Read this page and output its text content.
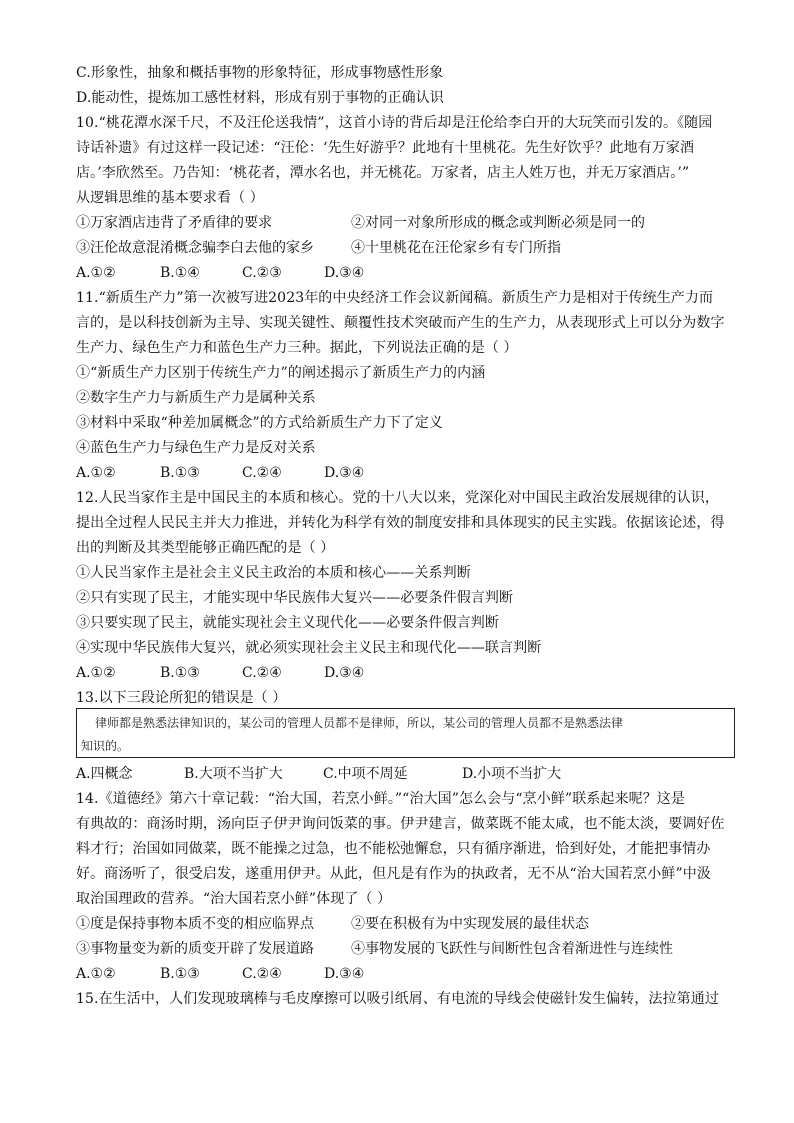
C.形象性，抽象和概括事物的形象特征，形成事物感性形象
D.能动性，提炼加工感性材料，形成有别于事物的正确认识
10.“桃花潭水深千尺，不及汪伦送我情”，这首小诗的背后却是汪伦给李白开的大玩笑而引发的。《随园
诗话补遗》有过这样一段记述：“汪伦：‘先生好游乎？此地有十里桃花。先生好饮乎？此地有万家酒
店。’李欣然至。乃告知：‘桃花者，潭水名也，并无桃花。万家者，店主人姓万也，并无万家酒店。’”
从逻辑思维的基本要求看（ ）
①万家酒店违背了矛盾律的要求	②对同一对象所形成的概念或判断必须是同一的
③汪伦故意混淆概念骗李白去他的家乡	④十里桃花在汪伦家乡有专门所指
A.①②	B.①④	C.②③	D.③④
11.“新质生产力”第一次被写进2023年的中央经济工作会议新闻稿。新质生产力是相对于传统生产力而
言的，是以科技创新为主导、实现关键性、颠覆性技术突破而产生的生产力，从表现形式上可以分为数字
生产力、绿色生产力和蓝色生产力三种。据此，下列说法正确的是（ ）
①“新质生产力区别于传统生产力”的阐述揭示了新质生产力的内涵
②数字生产力与新质生产力是属种关系
③材料中采取“种差加属概念”的方式给新质生产力下了定义
④蓝色生产力与绿色生产力是反对关系
A.①②	B.①③	C.②④	D.③④
12.人民当家作主是中国民主的本质和核心。党的十八大以来，党深化对中国民主政治发展规律的认识，
提出全过程人民民主并大力推进，并转化为科学有效的制度安排和具体现实的民主实践。依据该论述，得
出的判断及其类型能够正确匹配的是（ ）
①人民当家作主是社会主义民主政治的本质和核心——关系判断
②只有实现了民主，才能实现中华民族伟大复兴——必要条件假言判断
③只要实现了民主，就能实现社会主义现代化——必要条件假言判断
④实现中华民族伟大复兴，就必须实现社会主义民主和现代化——联言判断
A.①②	B.①③	C.②④	D.③④
13.以下三段论所犯的错误是（ ）
律师都是熟悉法律知识的，某公司的管理人员都不是律师，所以，某公司的管理人员都不是熟悉法律
知识的。
A.四概念	B.大项不当扩大	C.中项不周延	D.小项不当扩大
14.《道德经》第六十章记载：“治大国，若烹小鲜。”“治大国”怎么会与“烹小鲜”联系起来呢？这是
有典故的：商汤时期，汤向臣子伊尹询问饭菜的事。伊尹建言，做菜既不能太咸，也不能太淡，要调好佐
料才行；治国如同做菜，既不能操之过急，也不能松弛懈怠，只有循序渐进，恰到好处，才能把事情办
好。商汤听了，很受启发，遂重用伊尹。从此，但凡是有作为的执政者，无不从“治大国若烹小鲜”中汲
取治国理政的营养。“治大国若烹小鲜”体现了（ ）
①度是保持事物本质不变的相应临界点	②要在积极有为中实现发展的最佳状态
③事物量变为新的质变开辟了发展道路	④事物发展的飞跃性与间断性包含着渐进性与连续性
A.①②	B.①③	C.②④	D.③④
15.在生活中，人们发现玻璃棒与毛皮摩擦可以吸引纸屑、有电流的导线会使磁针发生偏转，法拉第通过
